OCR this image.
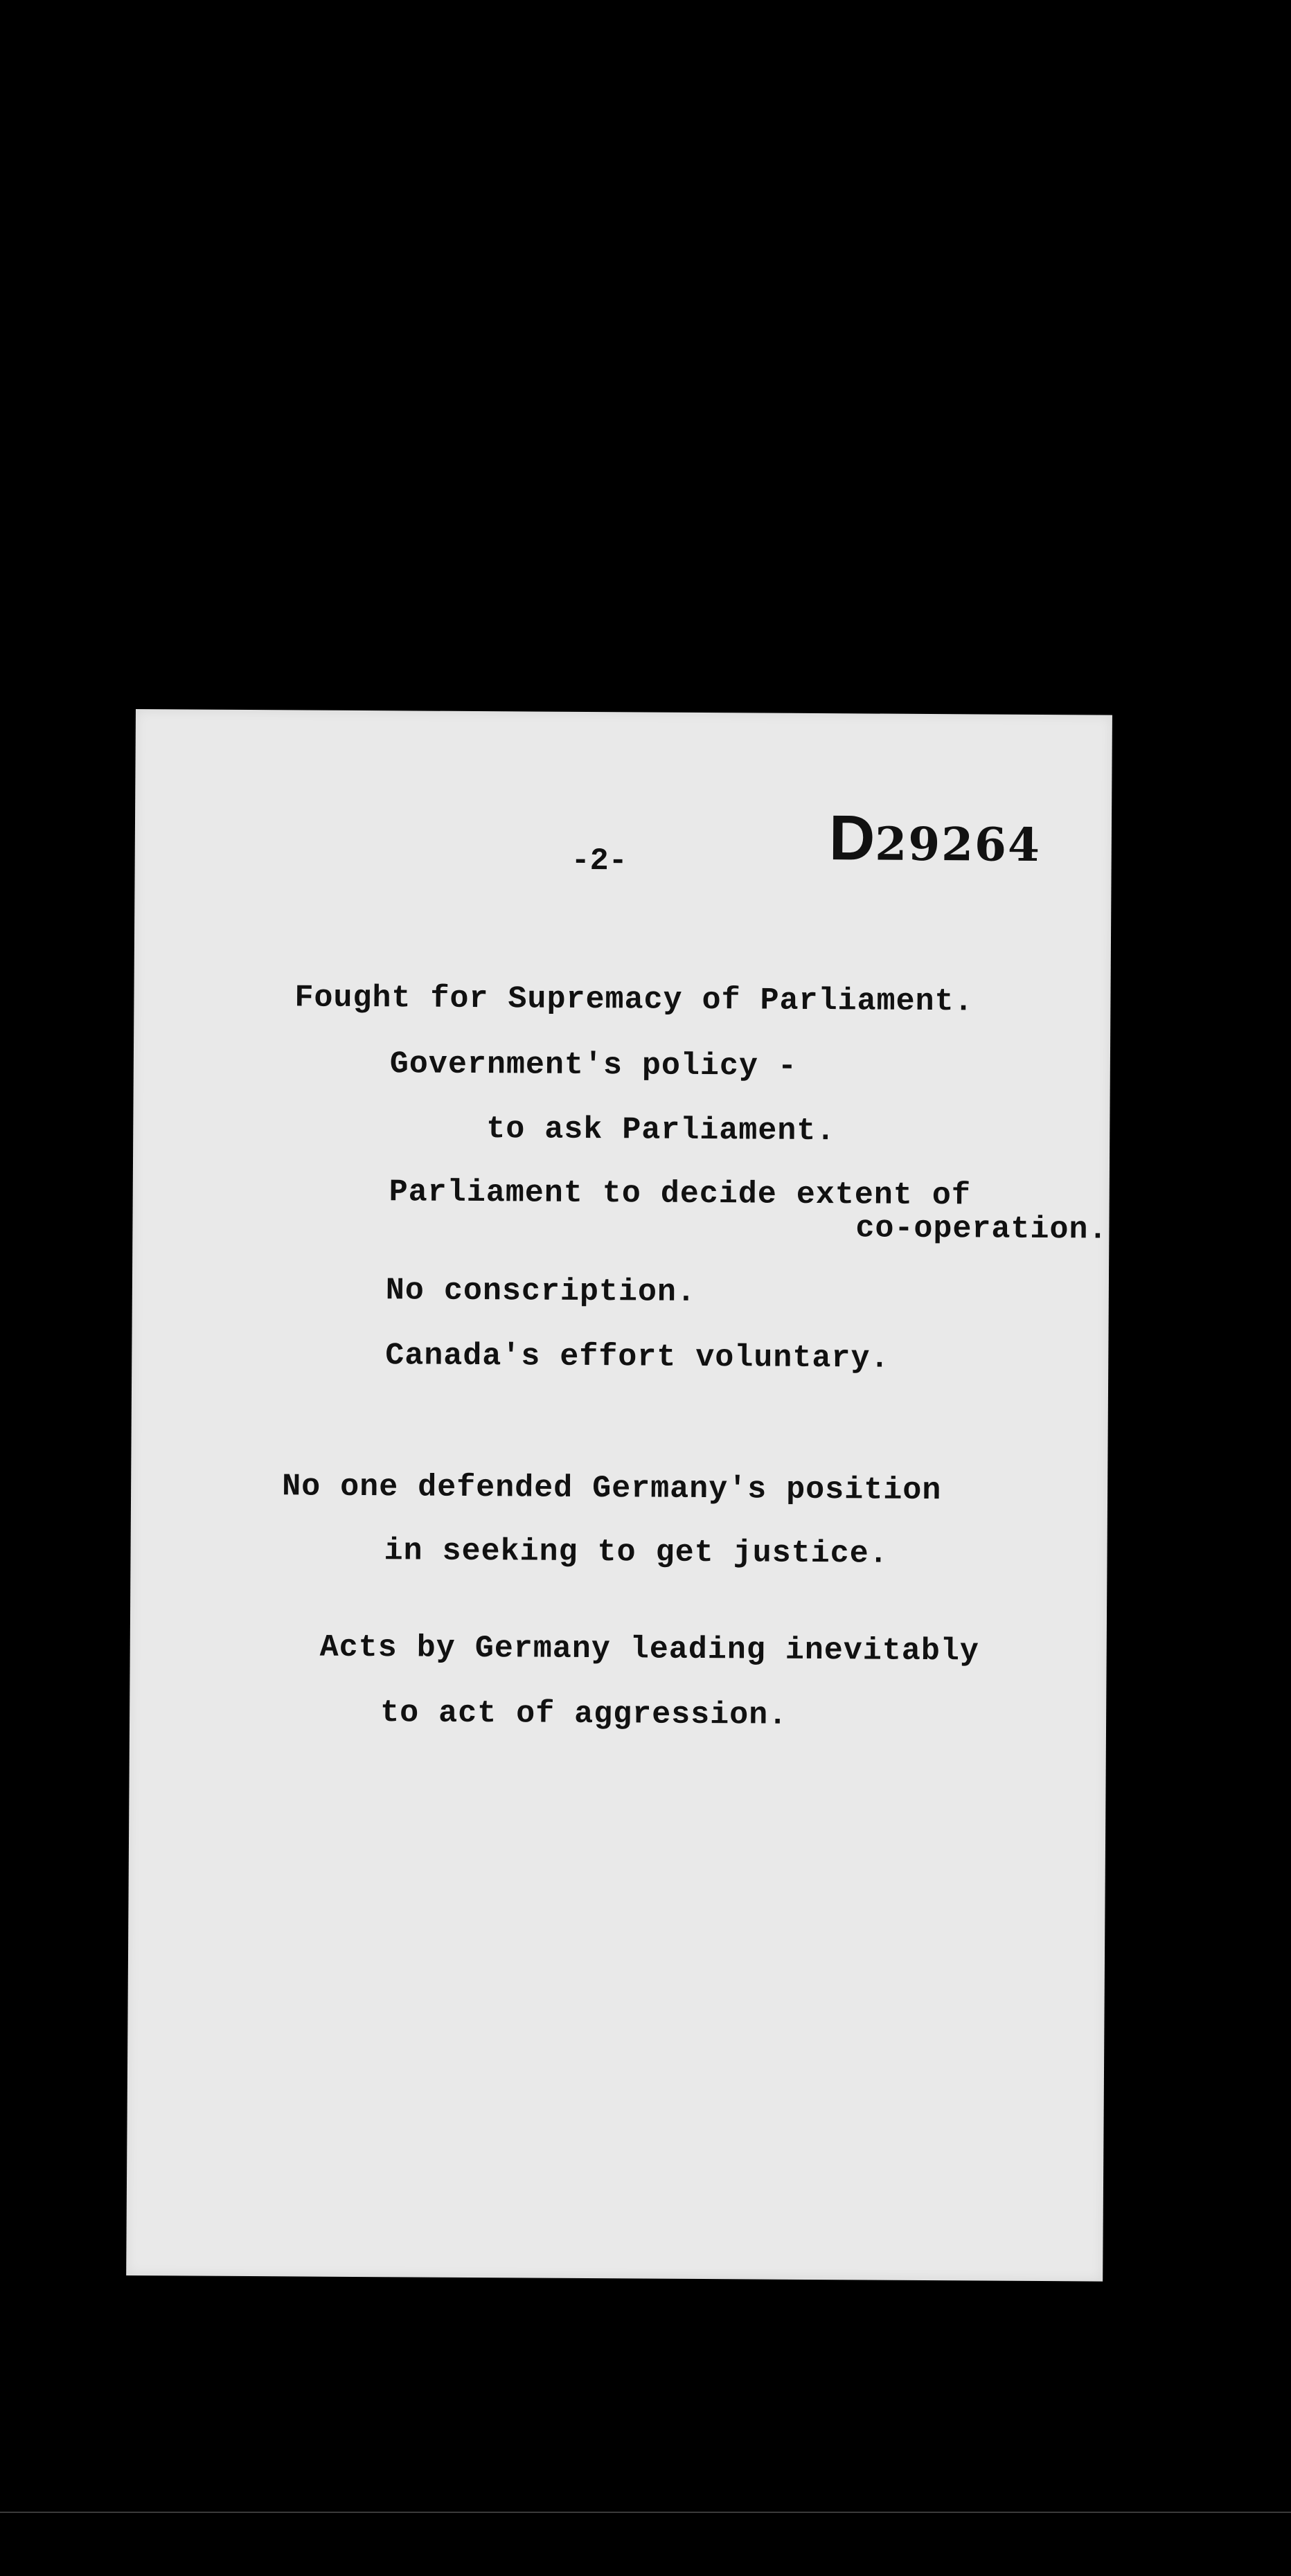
-2-	D29264
Fought for Supremacy of Parliament.
Government's policy -
to ask Parliament.
Parliament to decide extent of
co-operation.
No conscription.
Canada's effort voluntary.
No one defended Germany's position
in seeking to get justice.
Acts by Germany leading inevitably
to act of aggression.
